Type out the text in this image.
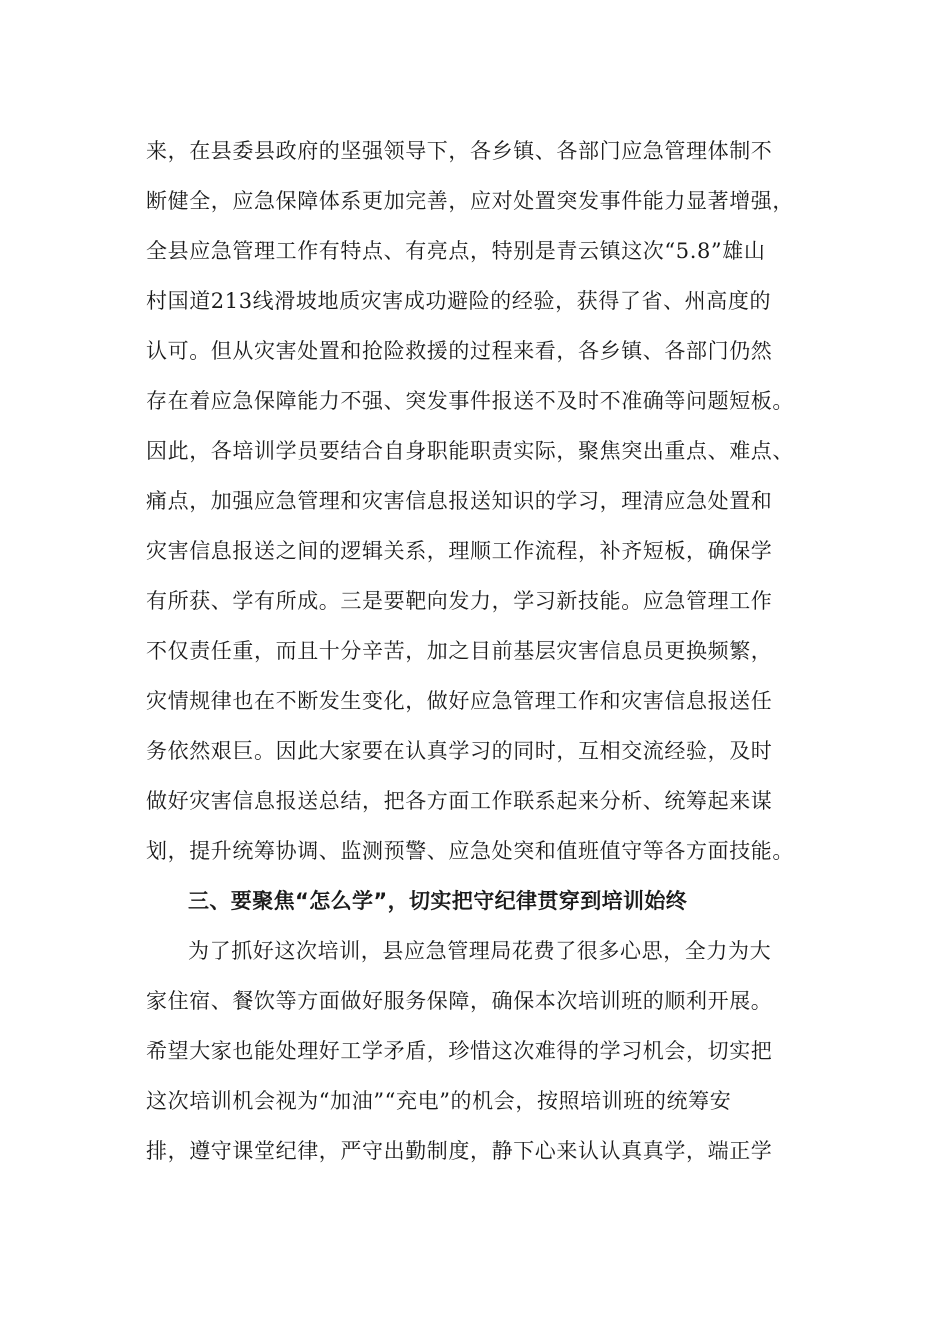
来，在县委县政府的坚强领导下，各乡镇、各部门应急管理体制不
断健全，应急保障体系更加完善，应对处置突发事件能力显著增强，
全县应急管理工作有特点、有亮点，特别是青云镇这次“5.8”雄山
村国道213线滑坡地质灾害成功避险的经验，获得了省、州高度的
认可。但从灾害处置和抢险救援的过程来看，各乡镇、各部门仍然
存在着应急保障能力不强、突发事件报送不及时不准确等问题短板。
因此，各培训学员要结合自身职能职责实际，聚焦突出重点、难点、
痛点，加强应急管理和灾害信息报送知识的学习，理清应急处置和
灾害信息报送之间的逻辑关系，理顺工作流程，补齐短板，确保学
有所获、学有所成。三是要靶向发力，学习新技能。应急管理工作
不仅责任重，而且十分辛苦，加之目前基层灾害信息员更换频繁，
灾情规律也在不断发生变化，做好应急管理工作和灾害信息报送任
务依然艰巨。因此大家要在认真学习的同时，互相交流经验，及时
做好灾害信息报送总结，把各方面工作联系起来分析、统筹起来谋
划，提升统筹协调、监测预警、应急处突和值班值守等各方面技能。
三、要聚焦“怎么学”，切实把守纪律贯穿到培训始终
为了抓好这次培训，县应急管理局花费了很多心思，全力为大
家住宿、餐饮等方面做好服务保障，确保本次培训班的顺利开展。
希望大家也能处理好工学矛盾，珍惜这次难得的学习机会，切实把
这次培训机会视为“加油”“充电”的机会，按照培训班的统筹安
排，遵守课堂纪律，严守出勤制度，静下心来认认真真学，端正学
